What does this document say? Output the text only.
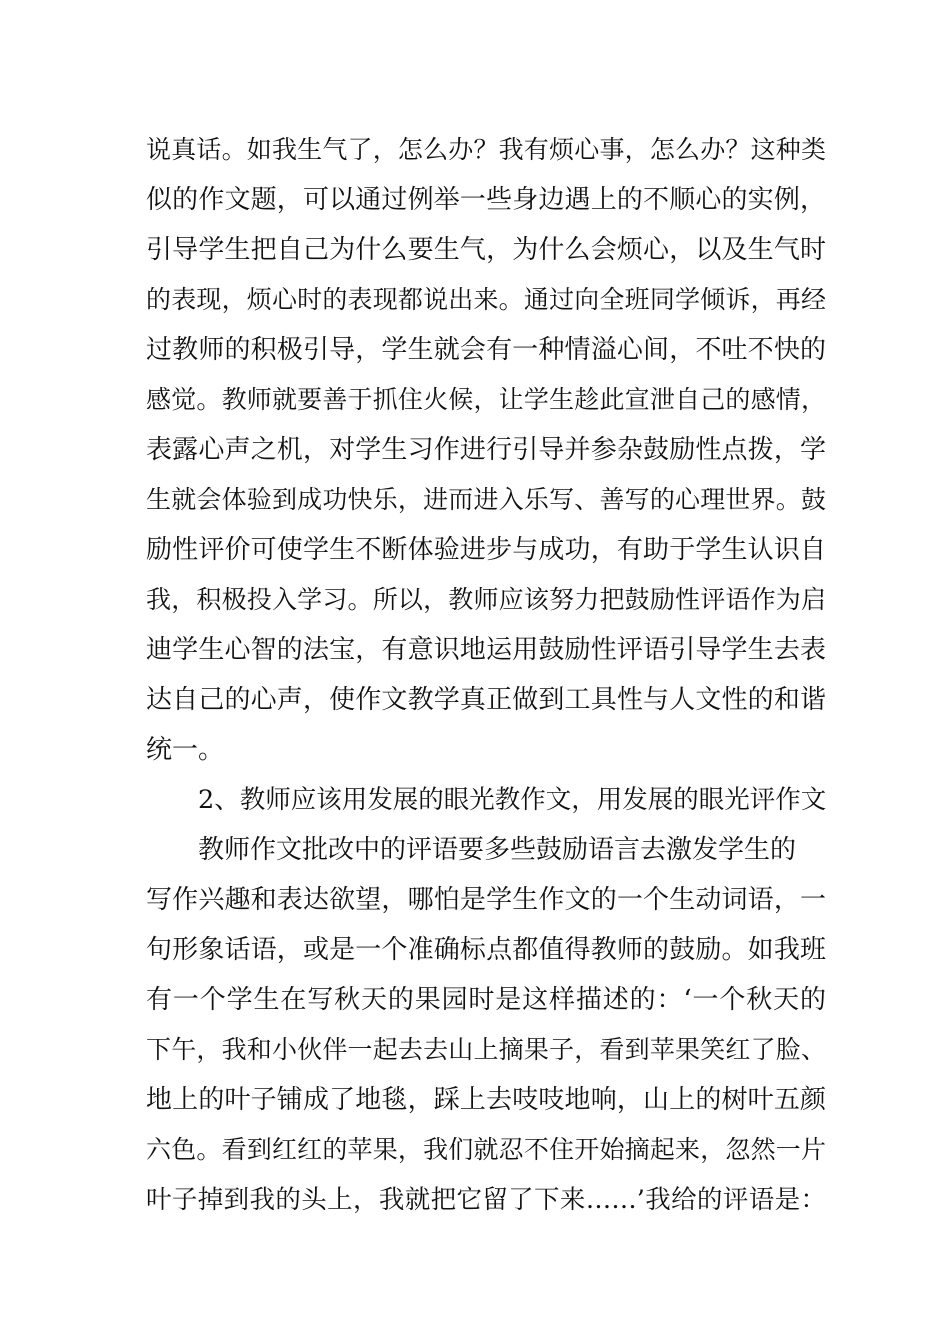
说真话。如我生气了，怎么办？我有烦心事，怎么办？这种类

似的作文题，可以通过例举一些身边遇上的不顺心的实例，

引导学生把自己为什么要生气，为什么会烦心，以及生气时

的表现，烦心时的表现都说出来。通过向全班同学倾诉，再经

过教师的积极引导，学生就会有一种情溢心间，不吐不快的

感觉。教师就要善于抓住火候，让学生趁此宣泄自己的感情，

表露心声之机，对学生习作进行引导并参杂鼓励性点拨，学

生就会体验到成功快乐，进而进入乐写、善写的心理世界。鼓

励性评价可使学生不断体验进步与成功，有助于学生认识自

我，积极投入学习。所以，教师应该努力把鼓励性评语作为启

迪学生心智的法宝，有意识地运用鼓励性评语引导学生去表

达自己的心声，使作文教学真正做到工具性与人文性的和谐

统一。

2、教师应该用发展的眼光教作文，用发展的眼光评作文

教师作文批改中的评语要多些鼓励语言去激发学生的

写作兴趣和表达欲望，哪怕是学生作文的一个生动词语，一

句形象话语，或是一个准确标点都值得教师的鼓励。如我班

有一个学生在写秋天的果园时是这样描述的：‘一个秋天的

下午，我和小伙伴一起去去山上摘果子，看到苹果笑红了脸、

地上的叶子铺成了地毯，踩上去吱吱地响，山上的树叶五颜

六色。看到红红的苹果，我们就忍不住开始摘起来，忽然一片

叶子掉到我的头上，我就把它留了下来……’我给的评语是：
